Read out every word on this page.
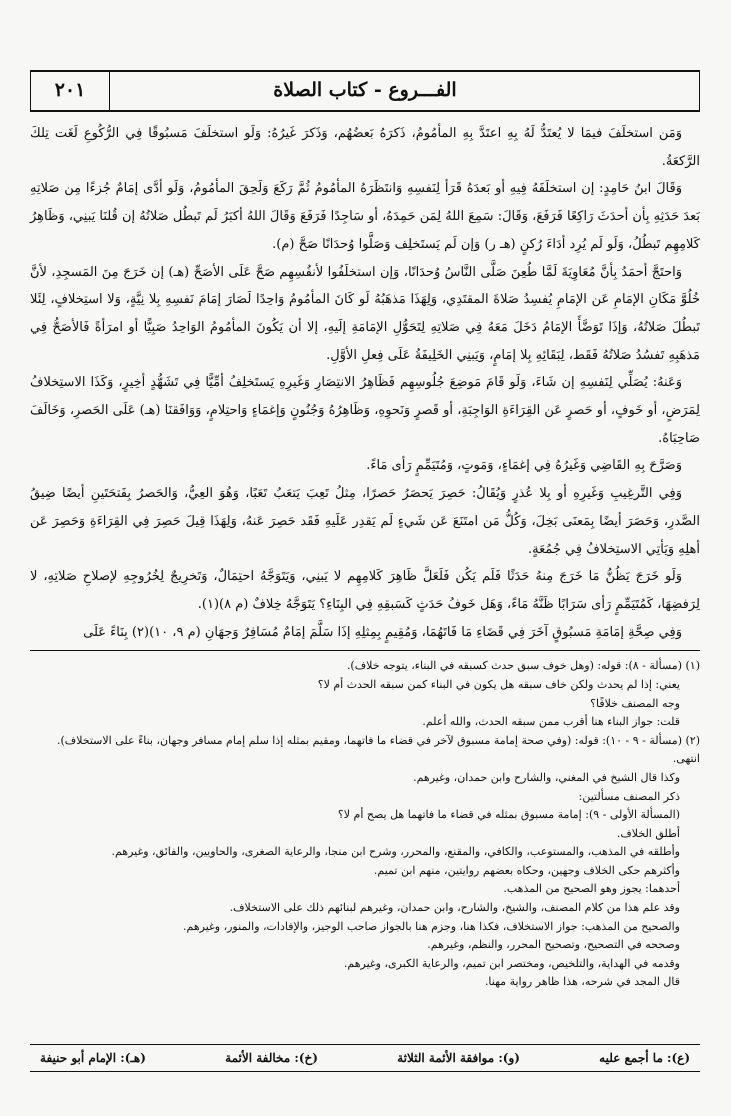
الفـــروع - كتاب الصلاة
٢٠١

وَمَن استخلَفَ فيمَا لا يُعتَدُّ لَهُ بِهِ اعتَدَّ بِهِ المأمُومُ، ذَكرَهُ بَعضُهُم، وَذَكرَ غَيرُهُ: وَلَو استخلَفَ مَسبُوقًا فِي الرُّكُوعِ لَغَت تِلكَ الرَّكعَةُ.

وَقَالَ ابنُ حَامِدٍ: إن استخلَفَهُ فِيهِ أو بَعدَهُ قَرَأ لِنَفسِهِ وَانتَظَرَهُ المأمُومُ ثُمَّ رَكَعَ وَلَحِقَ المأمُومُ، وَلَو أدَّى إمَامٌ جُزءًا مِن صَلاتِهِ بَعدَ حَدَثِهِ بِأن أحدَثَ رَاكِعًا فَرَفَعَ، وَقَالَ: سَمِعَ اللهُ لِمَن حَمِدَهُ، أو سَاجِدًا فَرَفَعَ وَقَالَ اللهُ أكبَرُ لَم تَبطُل صَلاتُهُ إن قُلنَا يَبنِي، وَظَاهِرُ كَلامِهِم تَبطُلُ، وَلَو لَم يُرِد أدَاءَ رُكنٍ (هـ ر) وَإن لَم يَستَخلِف وَصَلَّوا وُحدَانًا صَحَّ (م).

وَاحتَجَّ أحمَدُ بِأنَّ مُعَاوِيَةَ لَمَّا طُعِنَ صَلَّى النَّاسُ وُحدَانًا، وَإن استخلَفُوا لأنفُسِهِم صَحَّ عَلَى الأصَحِّ (هـ) إن خَرَجَ مِنَ المَسجِدِ، لأنَّ خُلُوَّ مَكَانِ الإمَامِ عَن الإمَامِ يُفسِدُ صَلاةَ المقتَدِي، وَلِهَذَا مَذهَبُهُ لَو كَانَ المأمُومُ وَاحِدًا لَصَارَ إمَامَ نَفسِهِ بِلا نِيَّةٍ، وَلا استِخلافٍ، لِئَلا تَبطُلَ صَلاتُهُ، وَإذَا تَوَضَّأَ الإمَامُ دَخَلَ مَعَهُ فِي صَلاتِهِ لِتَحَوُّلِ الإمَامَةِ إلَيهِ، إلا أن يَكُونَ المأمُومُ الوَاحِدُ صَبِيًّا أو امرَأةً فَالأصَحُّ فِي مَذهَبِهِ تَفسُدُ صَلاتُهُ فَقَط، لِبَقَائِهِ بِلا إمَامٍ، وَيَبنِي الخَلِيفَةُ عَلَى فِعلِ الأوَّلِ.

وَعَنهُ: يُصَلِّي لِنَفسِهِ إن شَاءَ، وَلَو قَامَ مَوضِعَ جُلُوسِهِم فَظَاهِرُ الانتِصَارِ وَغَيرِهِ يَستَخلِفُ أمِّيًّا فِي تَشَهُّدٍ أخِيرٍ، وَكَذَا الاستِخلافُ لِمَرَضٍ، أو خَوفٍ، أو حَصرٍ عَن القِرَاءَةِ الوَاجِبَةِ، أو قَصرٍ وَنَحوِهِ، وَظَاهِرُهُ وَجُنُونٍ وَإغمَاءٍ وَاحتِلامٍ، وَوَافَقنَا (هـ) عَلَى الحَصرِ، وَخَالَفَ صَاحِبَاهُ.

وَصَرَّحَ بِهِ القَاضِي وَغَيرُهُ فِي إغمَاءٍ، وَمَوتٍ، وَمُتَيَمِّمٍ رَأى مَاءً.

وَفِي التَّرغِيبِ وَغَيرِهِ أو بِلا عُذرٍ وَيُقَالُ: حَصِرَ يَحصَرُ حَصرًا، مِثلُ تَعِبَ يَتعَبُ تَعَبًا، وَهُوَ العِيُّ، وَالحَصرُ بِفَتحَتَينِ أيضًا ضِيقُ الصَّدرِ، وَحَصَرَ أيضًا بِمَعنَى بَخِلَ، وَكُلُّ مَن امتَنَعَ عَن شَيءٍ لَم يَقدِر عَلَيهِ فَقَد حَصِرَ عَنهُ، وَلِهَذَا قِيلَ حَصِرَ فِي القِرَاءَةِ وَحَصِرَ عَن أهلِهِ وَيَأتِي الاستِخلافُ فِي جُمُعَةٍ.

وَلَو خَرَجَ يَظُنُّ مَا خَرَجَ مِنهُ حَدَثًا فَلَم يَكُن فَلَعَلَّ ظَاهِرَ كَلامِهِم لا يَبنِي، وَيَتَوَجَّهُ احتِمَالٌ، وَتَخرِيجٌ لِخُرُوجِهِ لإصلاحِ صَلاتِهِ، لا لِرَفضِهَا، كَمُتَيَمِّمٍ رَأى سَرَابًا ظَنَّهُ مَاءً، وَهَل خَوفُ حَدَثٍ كَسَبقِهِ فِي البِنَاءِ؟ يَتَوَجَّهُ خِلافٌ (م ٨)(١).

وَفِي صِحَّةِ إمَامَةِ مَسبُوقٍ آخَرَ فِي قَضَاءِ مَا فَاتَهُمَا، وَمُقِيمٍ بِمِثلِهِ إذَا سَلَّمَ إمَامٌ مُسَافِرٌ وَجهَانِ (م ٩، ١٠)(٢) بِنَاءً عَلَى

(١) (مسألة - ٨): قوله: (وهل خوف سبق حدث كسبقه في البناء، يتوجه خلاف).

يعني: إذا لم يحدث ولكن خاف سبقه هل يكون في البناء كمن سبقه الحدث أم لا؟

وجه المصنف خلافًا؟

قلت: جواز البناء هنا أقرب ممن سبقه الحدث، والله أعلم.

(٢) (مسألة - ٩ - ١٠): قوله: (وفي صحة إمامة مسبوق لآخر في قضاء ما فاتهما، ومقيم بمثله إذا سلم إمام مسافر وجهان، بناءً على الاستخلاف). انتهى.

وكذا قال الشيخ في المغني، والشارح وابن حمدان، وغيرهم.

ذكر المصنف مسألتين:

(المسألة الأولى - ٩): إمامة مسبوق بمثله في قضاء ما فاتهما هل يصح أم لا؟

أطلق الخلاف.

وأطلقه في المذهب، والمستوعب، والكافي، والمقنع، والمحرر، وشرح ابن منجا، والرعاية الصغرى، والحاويين، والفائق، وغيرهم.

وأكثرهم حكى الخلاف وجهين، وحكاه بعضهم روايتين، منهم ابن تميم.

أحدهما: يجوز وهو الصحيح من المذهب.

وقد علم هذا من كلام المصنف، والشيخ، والشارح، وابن حمدان، وغيرهم لبنائهم ذلك على الاستخلاف.

والصحيح من المذهب: جواز الاستخلاف، فكذا هنا، وجزم هنا بالجواز صاحب الوجيز، والإفادات، والمنور، وغيرهم.

وصححه في التصحيح، وتصحيح المحرر، والنظم، وغيرهم.

وقدمه في الهداية، والتلخيص، ومختصر ابن تميم، والرعاية الكبرى، وغيرهم.

قال المجد في شرحه، هذا ظاهر رواية مهنا.

(ع): ما أجمع عليه
(و): موافقة الأئمة الثلاثة
(خ): مخالفة الأئمة
(هـ): الإمام أبو حنيفة
